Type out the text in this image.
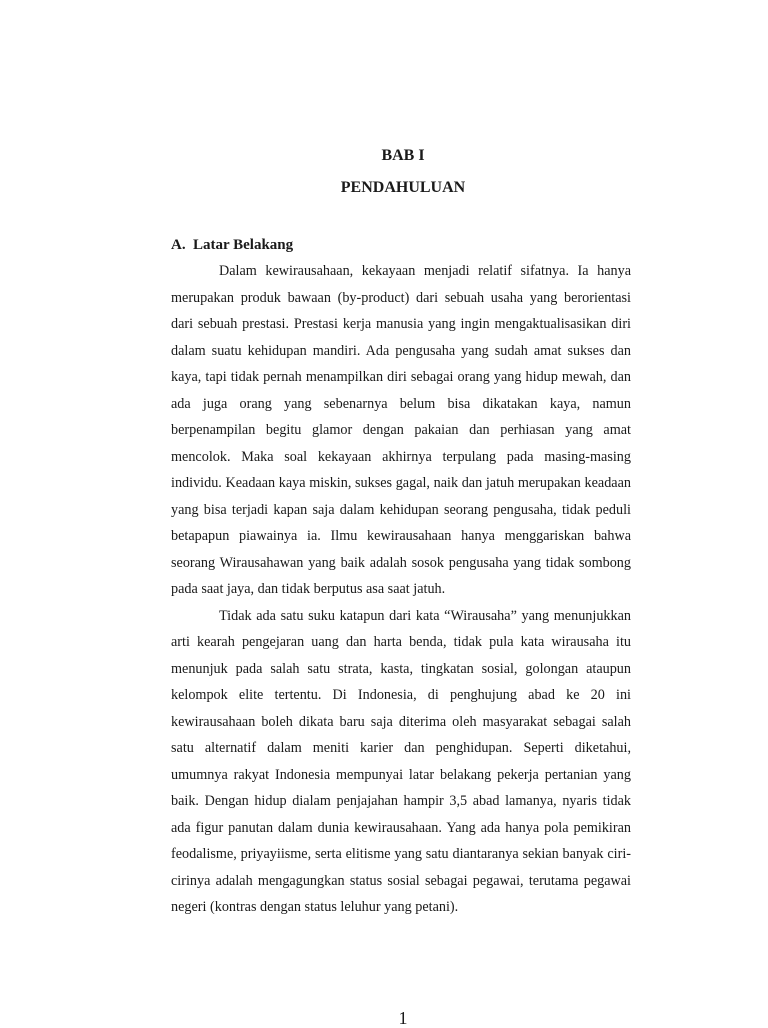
BAB I
PENDAHULUAN
A. Latar Belakang

Dalam kewirausahaan, kekayaan menjadi relatif sifatnya. Ia hanya merupakan produk bawaan (by-product) dari sebuah usaha yang berorientasi dari sebuah prestasi. Prestasi kerja manusia yang ingin mengaktualisasikan diri dalam suatu kehidupan mandiri. Ada pengusaha yang sudah amat sukses dan kaya, tapi tidak pernah menampilkan diri sebagai orang yang hidup mewah, dan ada juga orang yang sebenarnya belum bisa dikatakan kaya, namun berpenampilan begitu glamor dengan pakaian dan perhiasan yang amat mencolok. Maka soal kekayaan akhirnya terpulang pada masing-masing individu. Keadaan kaya miskin, sukses gagal, naik dan jatuh merupakan keadaan yang bisa terjadi kapan saja dalam kehidupan seorang pengusaha, tidak peduli betapapun piawainya ia. Ilmu kewirausahaan hanya menggariskan bahwa seorang Wirausahawan yang baik adalah sosok pengusaha yang tidak sombong pada saat jaya, dan tidak berputus asa saat jatuh.

Tidak ada satu suku katapun dari kata “Wirausaha” yang menunjukkan arti kearah pengejaran uang dan harta benda, tidak pula kata wirausaha itu menunjuk pada salah satu strata, kasta, tingkatan sosial, golongan ataupun kelompok elite tertentu. Di Indonesia, di penghujung abad ke 20 ini kewirausahaan boleh dikata baru saja diterima oleh masyarakat sebagai salah satu alternatif dalam meniti karier dan penghidupan. Seperti diketahui, umumnya rakyat Indonesia mempunyai latar belakang pekerja pertanian yang baik. Dengan hidup dialam penjajahan hampir 3,5 abad lamanya, nyaris tidak ada figur panutan dalam dunia kewirausahaan. Yang ada hanya pola pemikiran feodalisme, priyayiisme, serta elitisme yang satu diantaranya sekian banyak ciri-cirinya adalah mengagungkan status sosial sebagai pegawai, terutama pegawai negeri (kontras dengan status leluhur yang petani).

1
